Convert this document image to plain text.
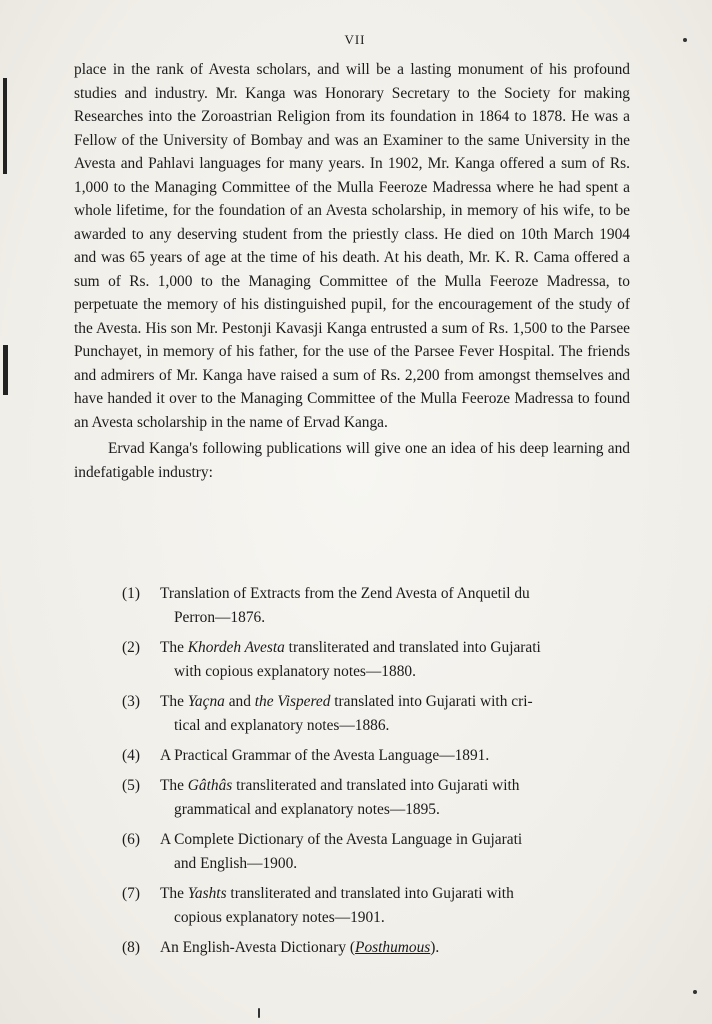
VII

place in the rank of Avesta scholars, and will be a lasting monument of his profound studies and industry. Mr. Kanga was Honorary Secretary to the Society for making Researches into the Zoroastrian Religion from its foundation in 1864 to 1878. He was a Fellow of the University of Bombay and was an Examiner to the same University in the Avesta and Pahlavi languages for many years. In 1902, Mr. Kanga offered a sum of Rs. 1,000 to the Managing Committee of the Mulla Feeroze Madressa where he had spent a whole lifetime, for the foundation of an Avesta scholarship, in memory of his wife, to be awarded to any deserving student from the priestly class. He died on 10th March 1904 and was 65 years of age at the time of his death. At his death, Mr. K. R. Cama offered a sum of Rs. 1,000 to the Managing Committee of the Mulla Feeroze Madressa, to perpetuate the memory of his distinguished pupil, for the encouragement of the study of the Avesta. His son Mr. Pestonji Kavasji Kanga entrusted a sum of Rs. 1,500 to the Parsee Punchayet, in memory of his father, for the use of the Parsee Fever Hospital. The friends and admirers of Mr. Kanga have raised a sum of Rs. 2,200 from amongst themselves and have handed it over to the Managing Committee of the Mulla Feeroze Madressa to found an Avesta scholarship in the name of Ervad Kanga.

Ervad Kanga's following publications will give one an idea of his deep learning and indefatigable industry:

(1)	Translation of Extracts from the Zend Avesta of Anquetil du
Perron—1876.
(2)	The Khordeh Avesta transliterated and translated into Gujarati
with copious explanatory notes—1880.
(3)	The Yaçna and the Vispered translated into Gujarati with cri-
tical and explanatory notes—1886.
(4)	A Practical Grammar of the Avesta Language—1891.
(5)	The Gâthâs transliterated and translated into Gujarati with
grammatical and explanatory notes—1895.
(6)	A Complete Dictionary of the Avesta Language in Gujarati
and English—1900.
(7)	The Yashts transliterated and translated into Gujarati with
copious explanatory notes—1901.
(8)	An English-Avesta Dictionary (Posthumous).
